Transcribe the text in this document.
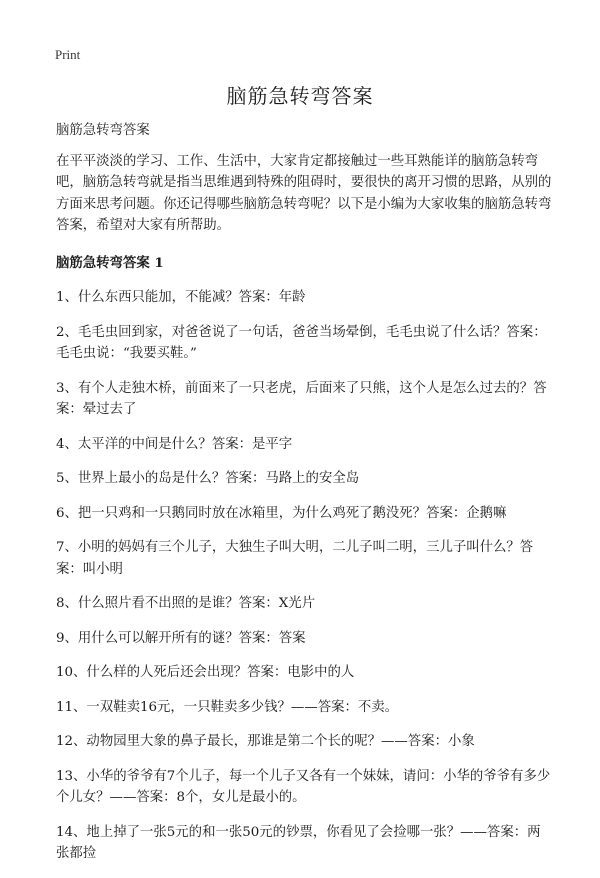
Print

脑筋急转弯答案

脑筋急转弯答案

在平平淡淡的学习、工作、生活中，大家肯定都接触过一些耳熟能详的脑筋急转弯吧，脑筋急转弯就是指当思维遇到特殊的阻碍时，要很快的离开习惯的思路，从别的方面来思考问题。你还记得哪些脑筋急转弯呢？以下是小编为大家收集的脑筋急转弯答案，希望对大家有所帮助。

脑筋急转弯答案 1

1、什么东西只能加，不能减？答案：年龄

2、毛毛虫回到家，对爸爸说了一句话，爸爸当场晕倒，毛毛虫说了什么话？答案：毛毛虫说：“我要买鞋。”

3、有个人走独木桥，前面来了一只老虎，后面来了只熊，这个人是怎么过去的？答案：晕过去了

4、太平洋的中间是什么？答案：是平字

5、世界上最小的岛是什么？答案：马路上的安全岛

6、把一只鸡和一只鹅同时放在冰箱里，为什么鸡死了鹅没死？答案：企鹅嘛

7、小明的妈妈有三个儿子，大独生子叫大明，二儿子叫二明，三儿子叫什么？答案：叫小明

8、什么照片看不出照的是谁？答案：X光片

9、用什么可以解开所有的谜？答案：答案

10、什么样的人死后还会出现？答案：电影中的人

11、一双鞋卖16元，一只鞋卖多少钱？——答案：不卖。

12、动物园里大象的鼻子最长，那谁是第二个长的呢？——答案：小象

13、小华的爷爷有7个儿子，每一个儿子又各有一个妹妹，请问：小华的爷爷有多少个儿女？——答案：8个，女儿是最小的。

14、地上掉了一张5元的和一张50元的钞票，你看见了会捡哪一张？——答案：两张都捡
